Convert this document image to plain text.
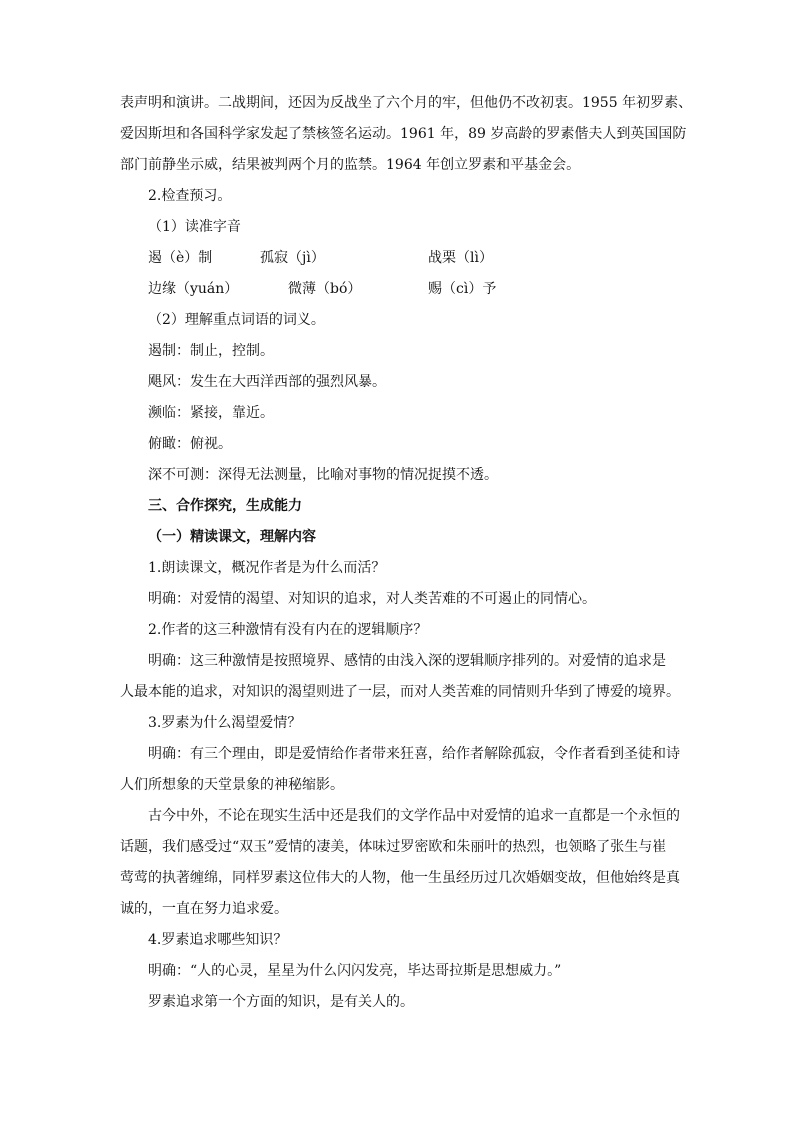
表声明和演讲。二战期间，还因为反战坐了六个月的牢，但他仍不改初衷。1955 年初罗素、

爱因斯坦和各国科学家发起了禁核签名运动。1961 年，89 岁高龄的罗素偕夫人到英国国防

部门前静坐示威，结果被判两个月的监禁。1964 年创立罗素和平基金会。

2.检查预习。

（1）读准字音

遏（è）制	孤寂（jì）	战栗（lì）
边缘（yuán）	微薄（bó）	赐（cì）予

（2）理解重点词语的词义。

遏制：制止，控制。

飓风：发生在大西洋西部的强烈风暴。

濒临：紧接，靠近。

俯瞰：俯视。

深不可测：深得无法测量，比喻对事物的情况捉摸不透。

三、合作探究，生成能力

（一）精读课文，理解内容

1.朗读课文，概况作者是为什么而活？

明确：对爱情的渴望、对知识的追求，对人类苦难的不可遏止的同情心。

2.作者的这三种激情有没有内在的逻辑顺序？

明确：这三种激情是按照境界、感情的由浅入深的逻辑顺序排列的。对爱情的追求是

人最本能的追求，对知识的渴望则进了一层，而对人类苦难的同情则升华到了博爱的境界。

3.罗素为什么渴望爱情？

明确：有三个理由，即是爱情给作者带来狂喜，给作者解除孤寂，令作者看到圣徒和诗

人们所想象的天堂景象的神秘缩影。

古今中外，不论在现实生活中还是我们的文学作品中对爱情的追求一直都是一个永恒的

话题，我们感受过“双玉”爱情的凄美，体味过罗密欧和朱丽叶的热烈，也领略了张生与崔

莺莺的执著缠绵，同样罗素这位伟大的人物，他一生虽经历过几次婚姻变故，但他始终是真

诚的，一直在努力追求爱。

4.罗素追求哪些知识？

明确：“人的心灵，星星为什么闪闪发亮，毕达哥拉斯是思想威力。”

罗素追求第一个方面的知识，是有关人的。
